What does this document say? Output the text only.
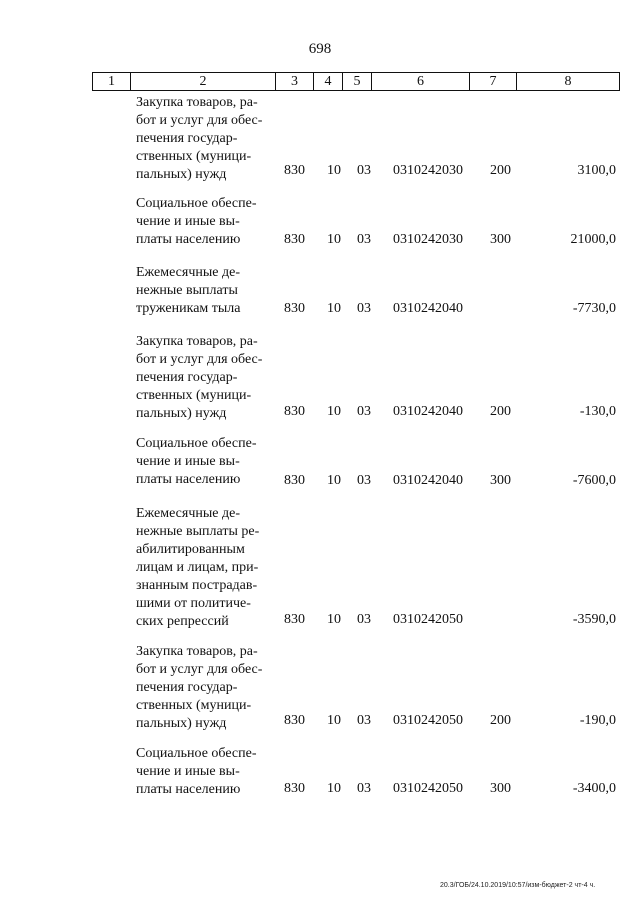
698
1	2	3	4	5	6	7	8
Закупка товаров, ра-
бот и услуг для обес-
печения государ-
ственных (муници-
пальных) нужд	830 10 03 0310242030 200	3100,0
Социальное обеспе-
чение и иные вы-
платы населению	830 10 03 0310242030 300	21000,0
Ежемесячные де-
нежные выплаты
труженикам тыла	830 10 03 0310242040	-7730,0
Закупка товаров, ра-
бот и услуг для обес-
печения государ-
ственных (муници-
пальных) нужд	830 10 03 0310242040 200	-130,0
Социальное обеспе-
чение и иные вы-
платы населению	830 10 03 0310242040 300	-7600,0
Ежемесячные де-
нежные выплаты ре-
абилитированным
лицам и лицам, при-
знанным пострадав-
шими от политиче-
ских репрессий	830 10 03 0310242050	-3590,0
Закупка товаров, ра-
бот и услуг для обес-
печения государ-
ственных (муници-
пальных) нужд	830 10 03 0310242050 200	-190,0
Социальное обеспе-
чение и иные вы-
платы населению	830 10 03 0310242050 300	-3400,0
20.3/ГОБ/24.10.2019/10:57/изм-бюджет-2 чт-4 ч.
